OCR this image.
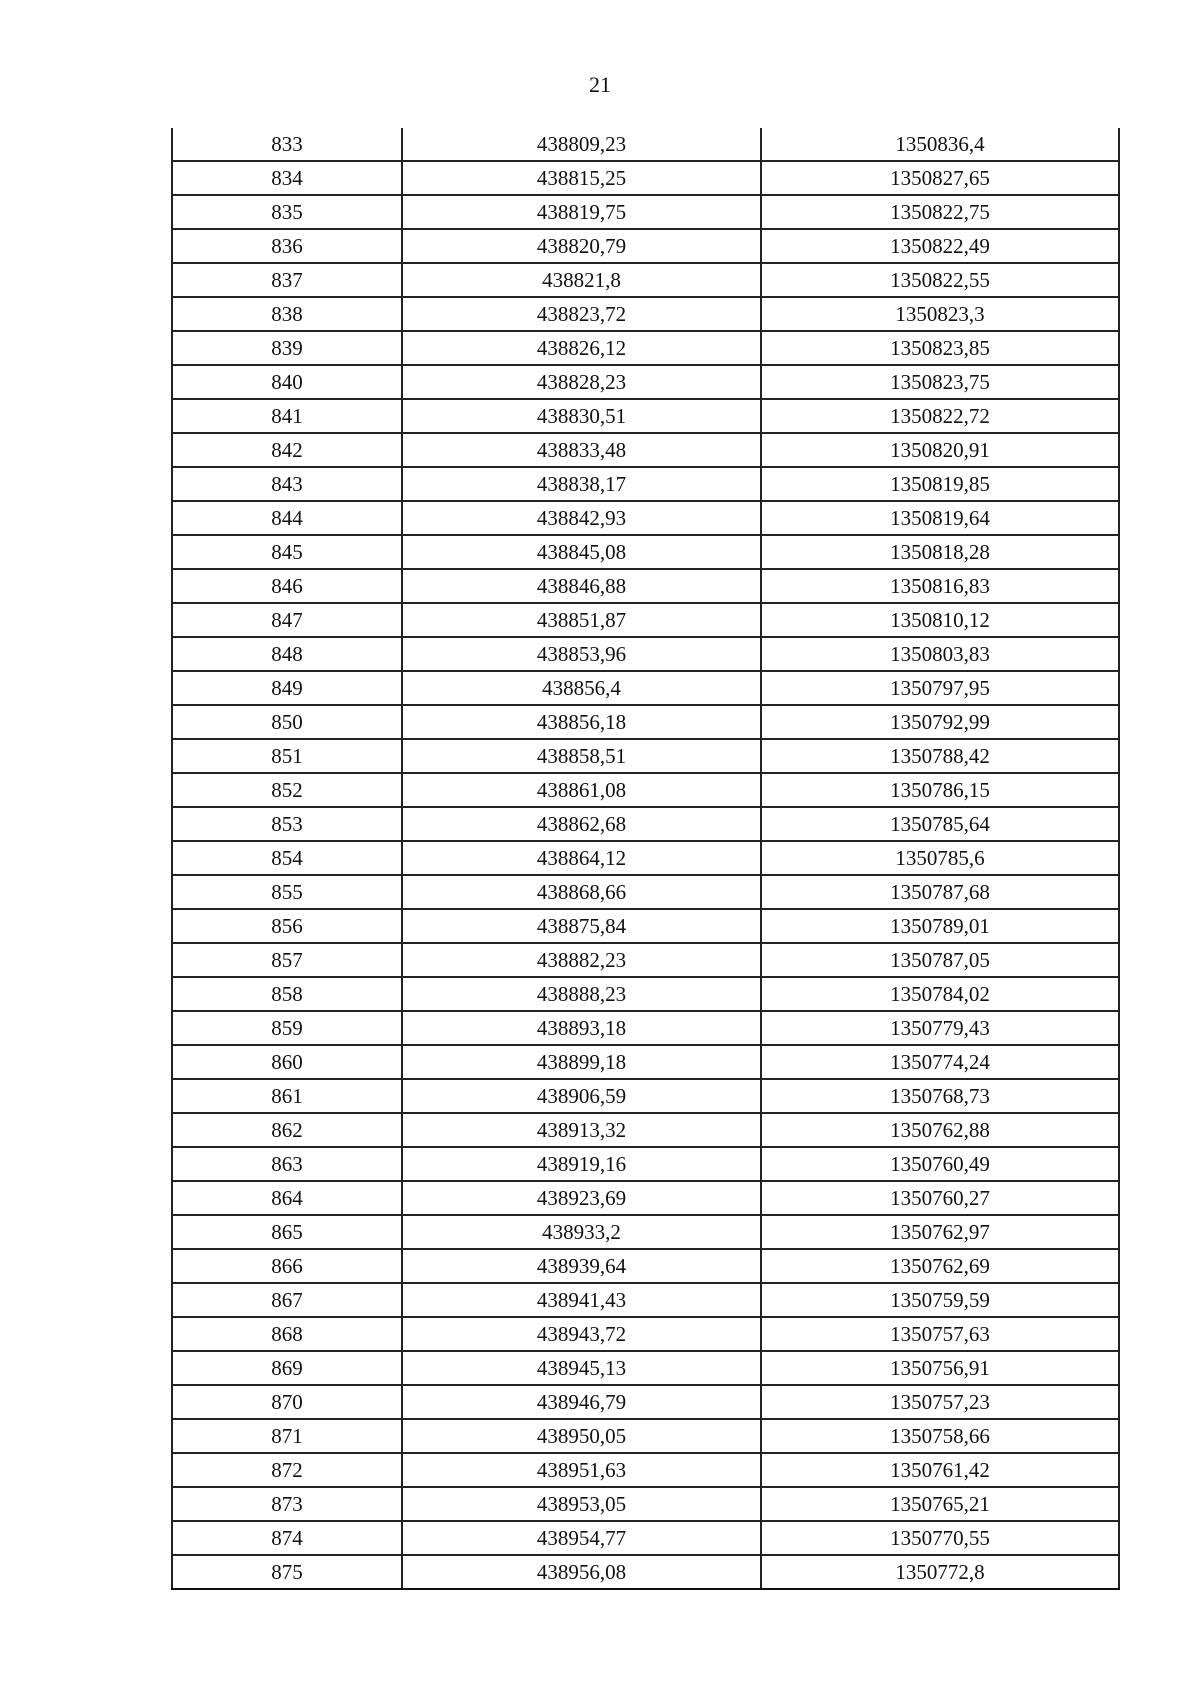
21
833	438809,23	1350836,4
834	438815,25	1350827,65
835	438819,75	1350822,75
836	438820,79	1350822,49
837	438821,8	1350822,55
838	438823,72	1350823,3
839	438826,12	1350823,85
840	438828,23	1350823,75
841	438830,51	1350822,72
842	438833,48	1350820,91
843	438838,17	1350819,85
844	438842,93	1350819,64
845	438845,08	1350818,28
846	438846,88	1350816,83
847	438851,87	1350810,12
848	438853,96	1350803,83
849	438856,4	1350797,95
850	438856,18	1350792,99
851	438858,51	1350788,42
852	438861,08	1350786,15
853	438862,68	1350785,64
854	438864,12	1350785,6
855	438868,66	1350787,68
856	438875,84	1350789,01
857	438882,23	1350787,05
858	438888,23	1350784,02
859	438893,18	1350779,43
860	438899,18	1350774,24
861	438906,59	1350768,73
862	438913,32	1350762,88
863	438919,16	1350760,49
864	438923,69	1350760,27
865	438933,2	1350762,97
866	438939,64	1350762,69
867	438941,43	1350759,59
868	438943,72	1350757,63
869	438945,13	1350756,91
870	438946,79	1350757,23
871	438950,05	1350758,66
872	438951,63	1350761,42
873	438953,05	1350765,21
874	438954,77	1350770,55
875	438956,08	1350772,8
